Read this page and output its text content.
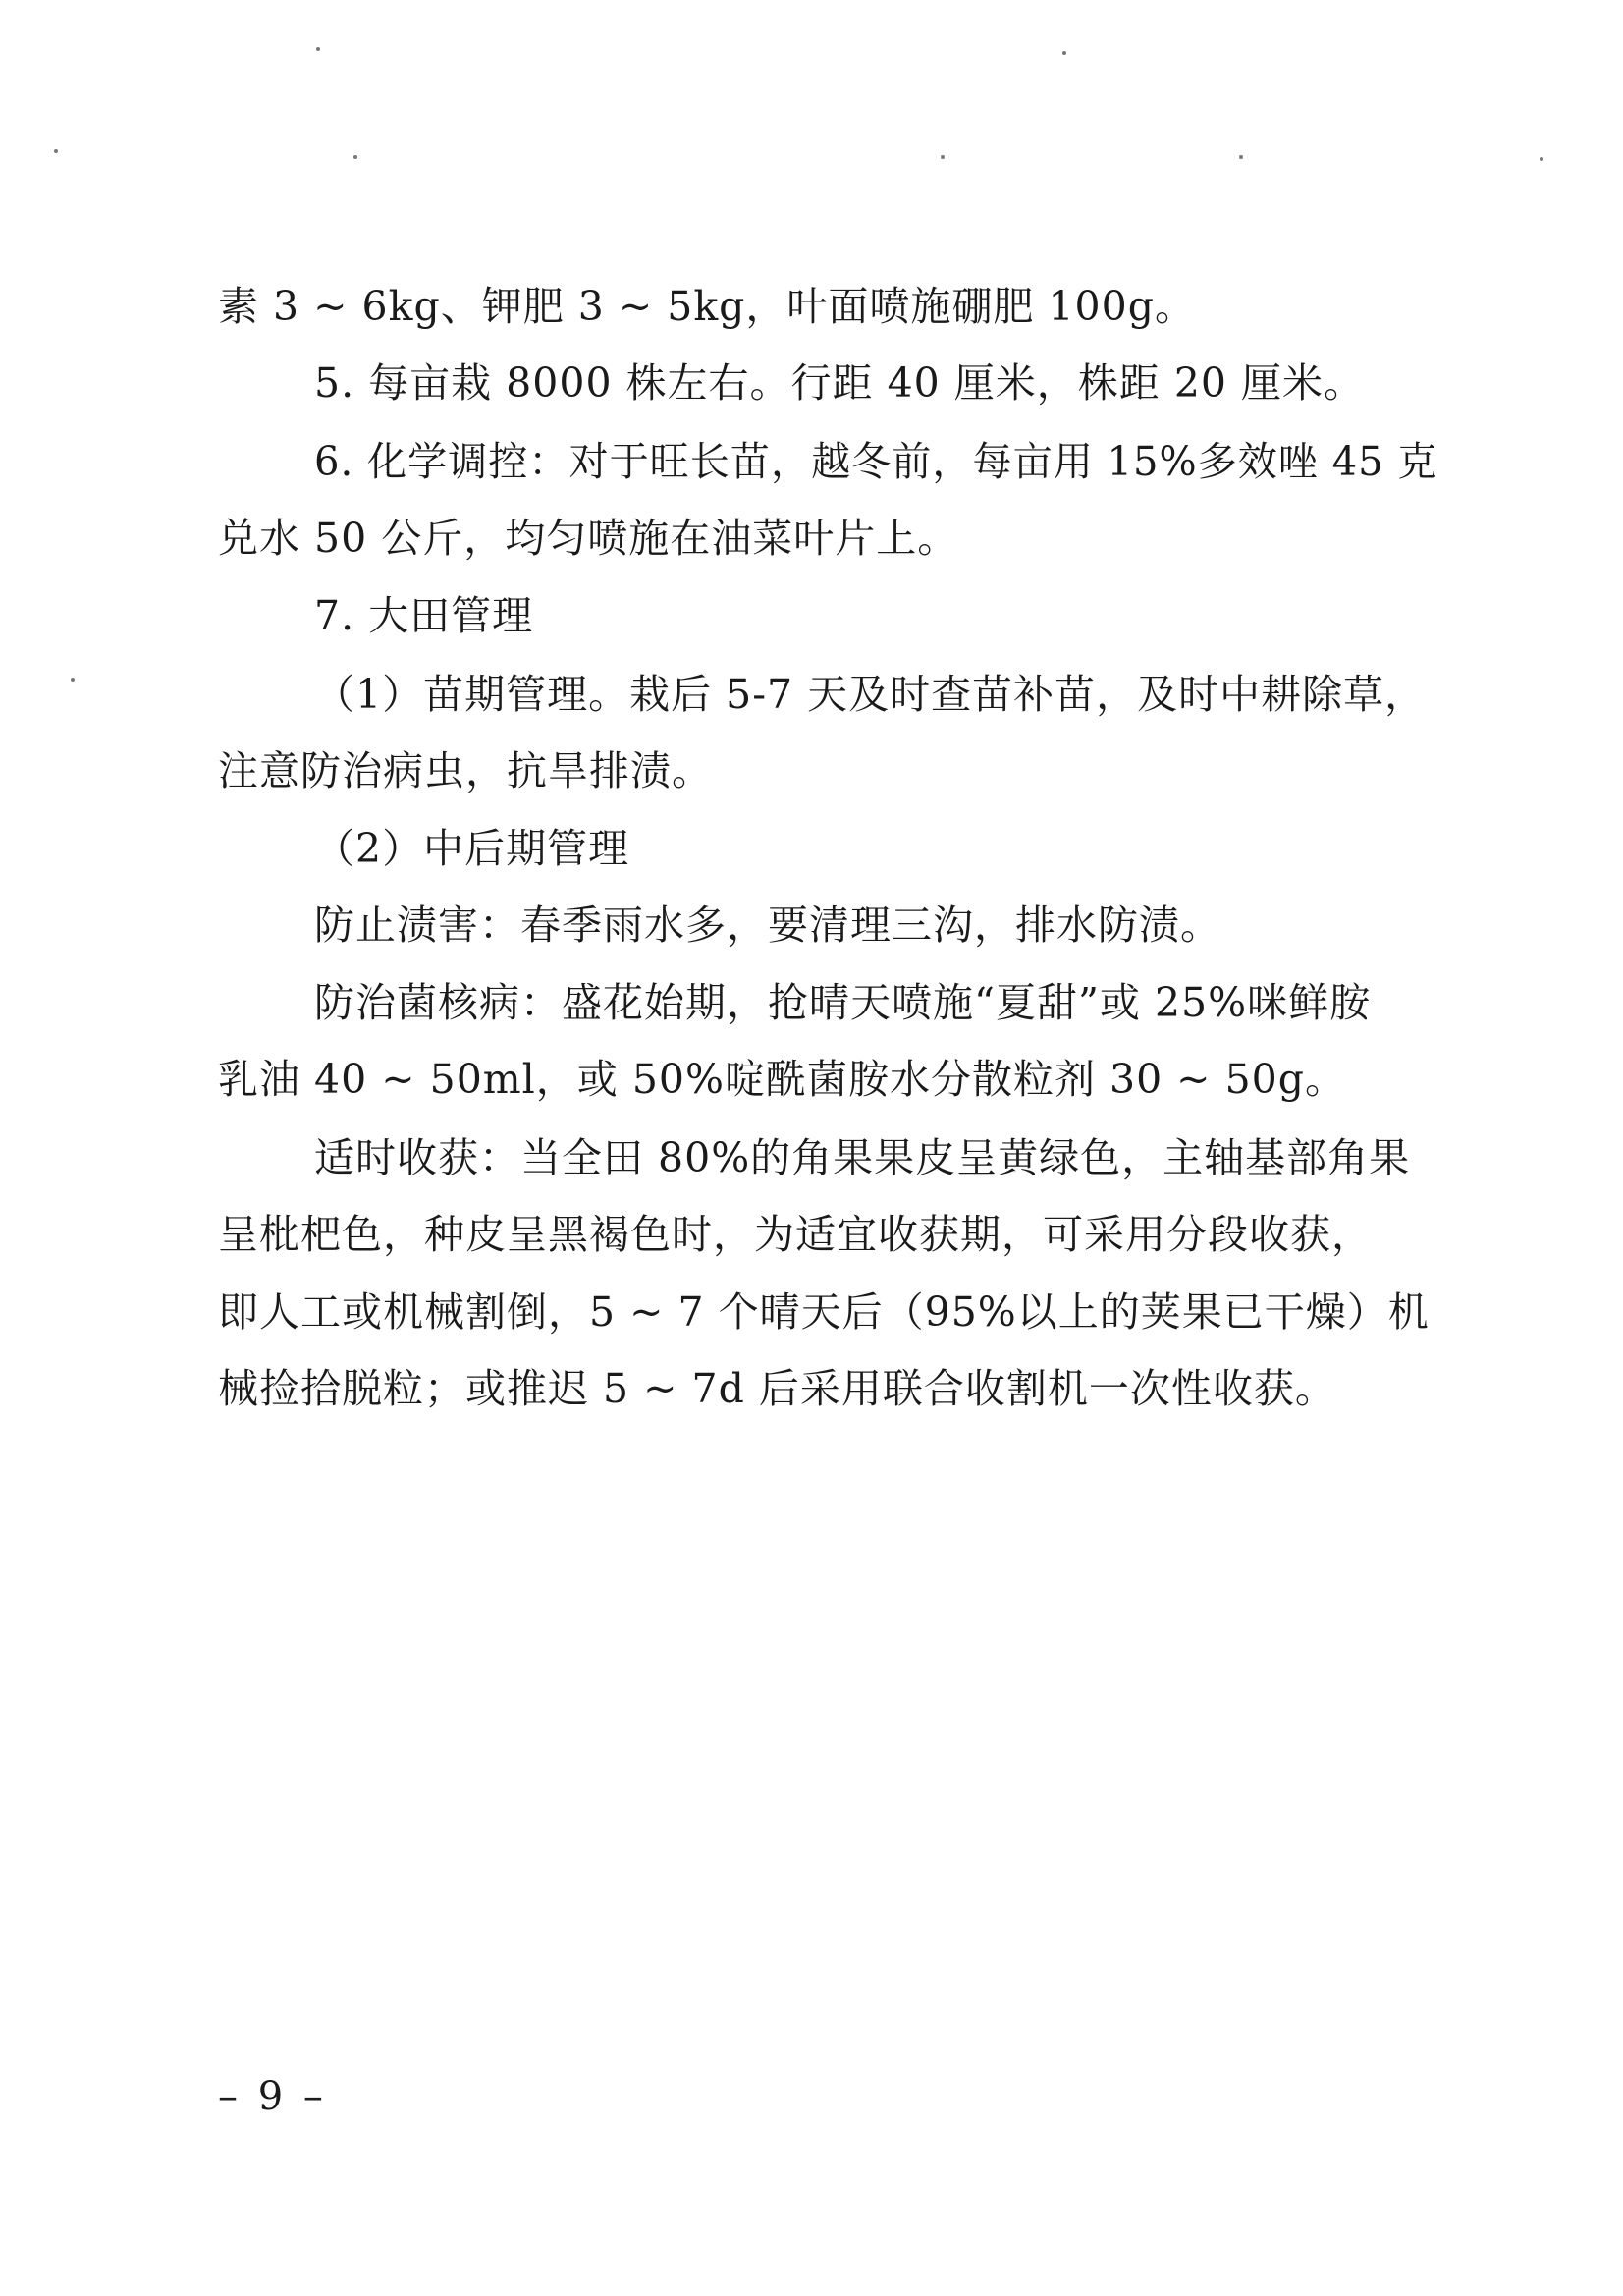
素 3 ~ 6kg、钾肥 3 ~ 5kg，叶面喷施硼肥 100g。
5. 每亩栽 8000 株左右。行距 40 厘米，株距 20 厘米。
6. 化学调控：对于旺长苗，越冬前，每亩用 15%多效唑 45 克
兑水 50 公斤，均匀喷施在油菜叶片上。
7. 大田管理
（1）苗期管理。栽后 5-7 天及时查苗补苗，及时中耕除草，
注意防治病虫，抗旱排渍。
（2）中后期管理
防止渍害：春季雨水多，要清理三沟，排水防渍。
防治菌核病：盛花始期，抢晴天喷施“夏甜”或 25%咪鲜胺
乳油 40 ~ 50ml，或 50%啶酰菌胺水分散粒剂 30 ~ 50g。
适时收获：当全田 80%的角果果皮呈黄绿色，主轴基部角果
呈枇杷色，种皮呈黑褐色时，为适宜收获期，可采用分段收获，
即人工或机械割倒，5 ~ 7 个晴天后（95%以上的荚果已干燥）机
械捡拾脱粒；或推迟 5 ~ 7d 后采用联合收割机一次性收获。
– 9 –
